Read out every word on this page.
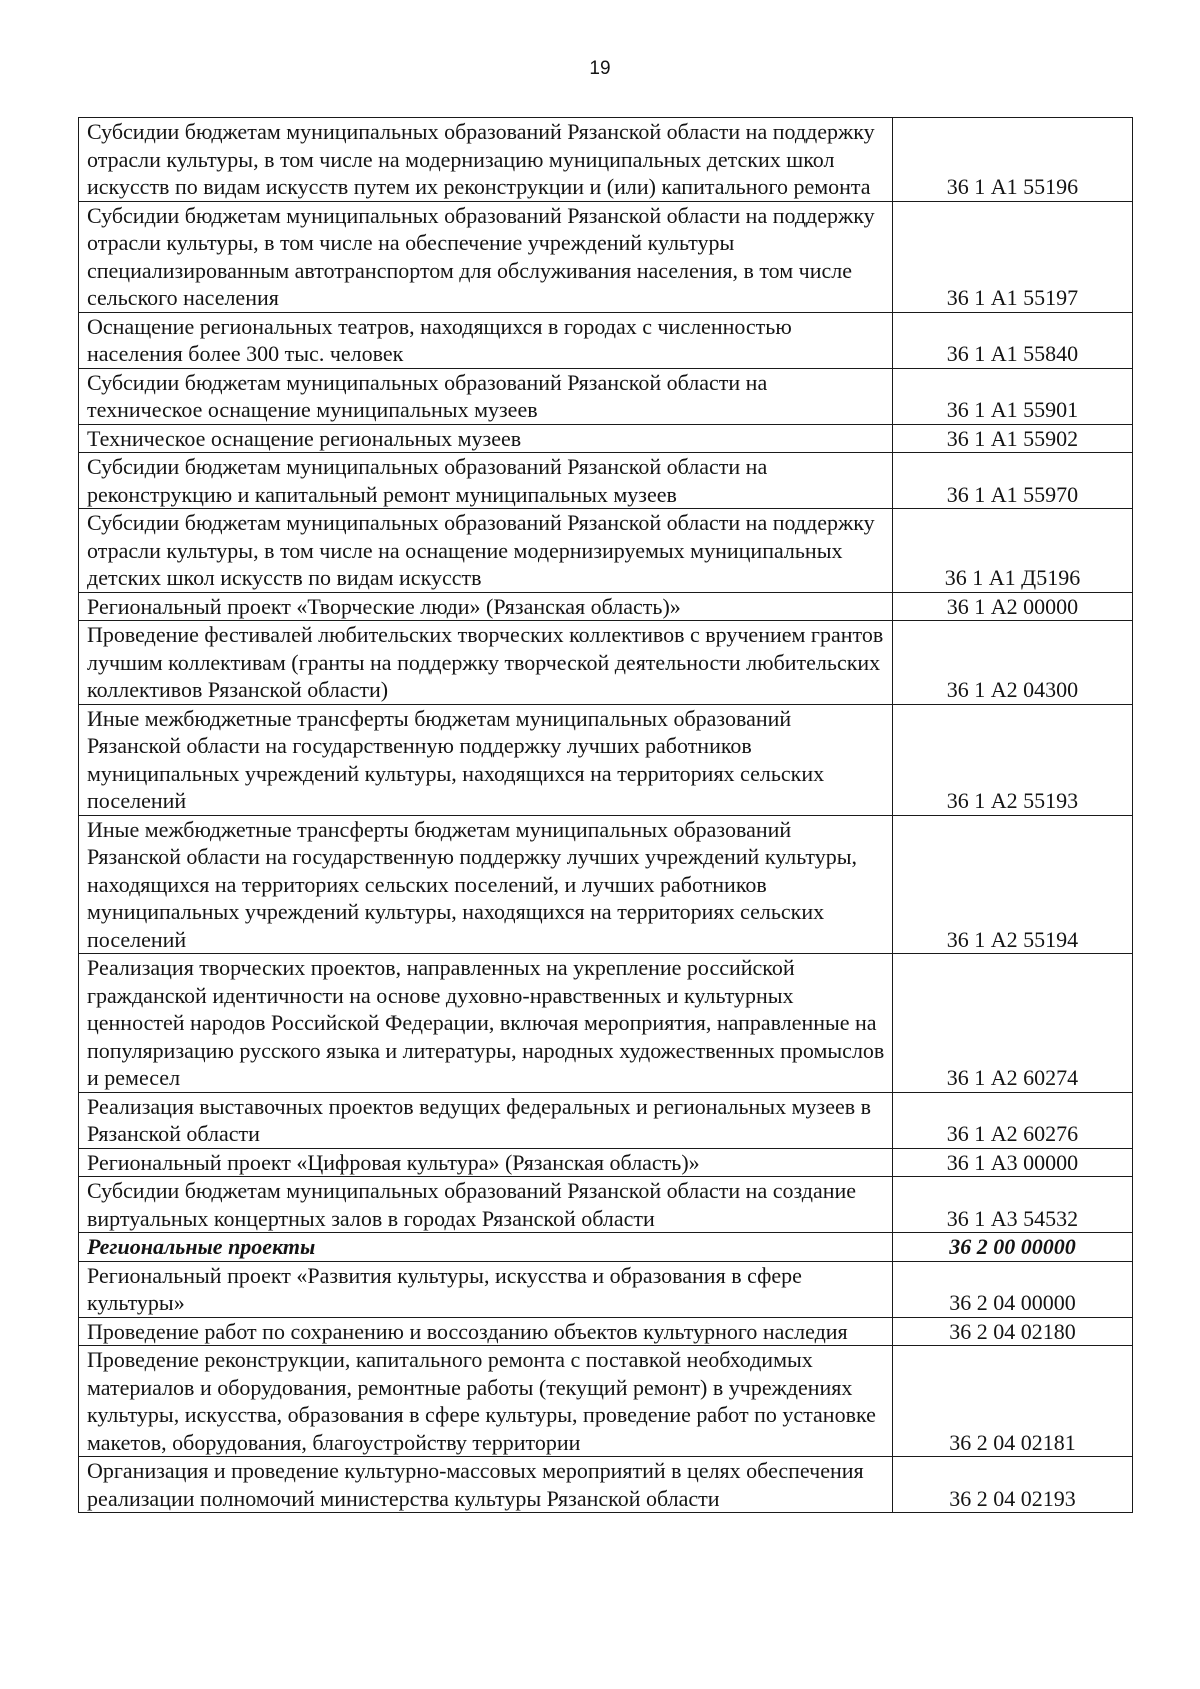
19
Субсидии бюджетам муниципальных образований Рязанской области на поддержку отрасли культуры, в том числе на модернизацию муниципальных детских школ искусств по видам искусств путем их реконструкции и (или) капитального ремонта	36 1 А1 55196
Субсидии бюджетам муниципальных образований Рязанской области на поддержку отрасли культуры, в том числе на обеспечение учреждений культуры специализированным автотранспортом для обслуживания населения, в том числе сельского населения	36 1 А1 55197
Оснащение региональных театров, находящихся в городах с численностью населения более 300 тыс. человек	36 1 А1 55840
Субсидии бюджетам муниципальных образований Рязанской области на техническое оснащение муниципальных музеев	36 1 А1 55901
Техническое оснащение региональных музеев	36 1 А1 55902
Субсидии бюджетам муниципальных образований Рязанской области на реконструкцию и капитальный ремонт муниципальных музеев	36 1 А1 55970
Субсидии бюджетам муниципальных образований Рязанской области на поддержку отрасли культуры, в том числе на оснащение модернизируемых муниципальных детских школ искусств по видам искусств	36 1 А1 Д5196
Региональный проект «Творческие люди» (Рязанская область)»	36 1 А2 00000
Проведение фестивалей любительских творческих коллективов с вручением грантов лучшим коллективам (гранты на поддержку творческой деятельности любительских коллективов Рязанской области)	36 1 А2 04300
Иные межбюджетные трансферты бюджетам муниципальных образований Рязанской области на государственную поддержку лучших работников муниципальных учреждений культуры, находящихся на территориях сельских поселений	36 1 А2 55193
Иные межбюджетные трансферты бюджетам муниципальных образований Рязанской области на государственную поддержку лучших учреждений культуры, находящихся на территориях сельских поселений, и лучших работников муниципальных учреждений культуры, находящихся на территориях сельских поселений	36 1 А2 55194
Реализация творческих проектов, направленных на укрепление российской гражданской идентичности на основе духовно-нравственных и культурных ценностей народов Российской Федерации, включая мероприятия, направленные на популяризацию русского языка и литературы, народных художественных промыслов и ремесел	36 1 А2 60274
Реализация выставочных проектов ведущих федеральных и региональных музеев в Рязанской области	36 1 А2 60276
Региональный проект «Цифровая культура» (Рязанская область)»	36 1 А3 00000
Субсидии бюджетам муниципальных образований Рязанской области на создание виртуальных концертных залов в городах Рязанской области	36 1 А3 54532
Региональные проекты	36 2 00 00000
Региональный проект «Развития культуры, искусства и образования в сфере культуры»	36 2 04 00000
Проведение работ по сохранению и воссозданию объектов культурного наследия	36 2 04 02180
Проведение реконструкции, капитального ремонта с поставкой необходимых материалов и оборудования, ремонтные работы (текущий ремонт) в учреждениях культуры, искусства, образования в сфере культуры, проведение работ по установке макетов, оборудования, благоустройству территории	36 2 04 02181
Организация и проведение культурно-массовых мероприятий в целях обеспечения реализации полномочий министерства культуры Рязанской области	36 2 04 02193
